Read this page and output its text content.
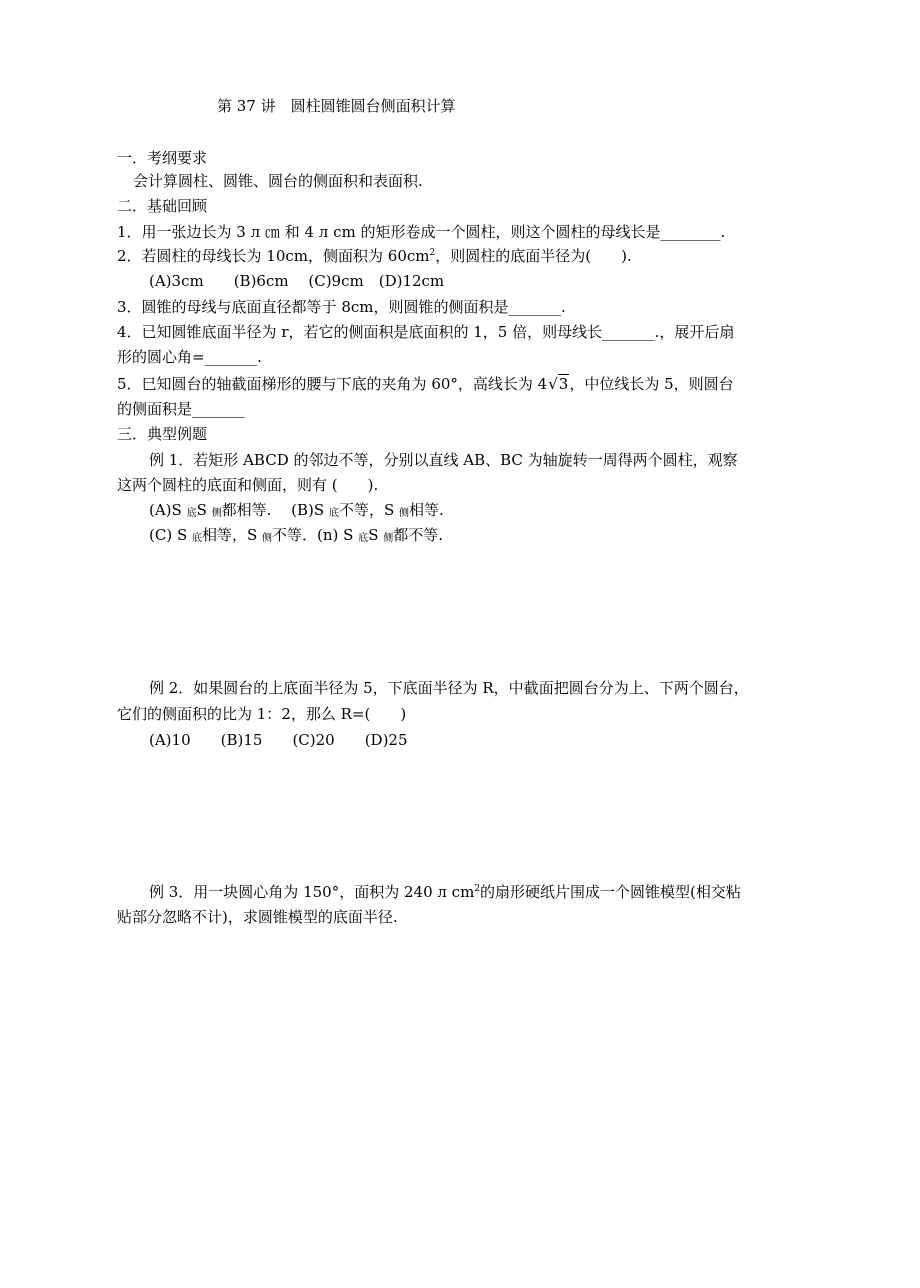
第 37 讲　圆柱圆锥圆台侧面积计算
一．考纲要求
会计算圆柱、圆锥、圆台的侧面积和表面积.
二．基础回顾
1．用一张边长为 3 л ㎝ 和 4 л cm 的矩形卷成一个圆柱，则这个圆柱的母线长是________.
2．若圆柱的母线长为 10cm，侧面积为 $60cm^2$，则圆柱的底面半径为(　　).
(A)3cm　　(B)6cm　 (C)9cm　(D)12cm
3．圆锥的母线与底面直径都等于 8cm，则圆锥的侧面积是_______.
4．已知圆锥底面半径为 r，若它的侧面积是底面积的 1，5 倍，则母线长_______.，展开后扇
形的圆心角=_______.
5．巳知圆台的轴截面梯形的腰与下底的夹角为 60°，高线长为 4√3，中位线长为 5，则圆台
的侧面积是_______
三．典型例题
例 1．若矩形 ABCD 的邻边不等，分别以直线 AB、BC 为轴旋转一周得两个圆柱，观察
这两个圆柱的底面和侧面，则有 (　　).
(A)S $_底$S $_侧$都相等.　 (B)S $_底$不等，S $_侧$相等.
(C) S $_底$相等，S $_侧$不等．(n) S $_底$S $_侧$都不等.
例 2．如果圆台的上底面半径为 5，下底面半径为 R，中截面把圆台分为上、下两个圆台，
它们的侧面积的比为 1：2，那么 R=(　　)
(A)10　　(B)15　　(C)20　　(D)25
例 3．用一块圆心角为 150°，面积为 240 л $cm^2$的扇形硬纸片围成一个圆锥模型(相交粘
贴部分忽略不计)，求圆锥模型的底面半径.
